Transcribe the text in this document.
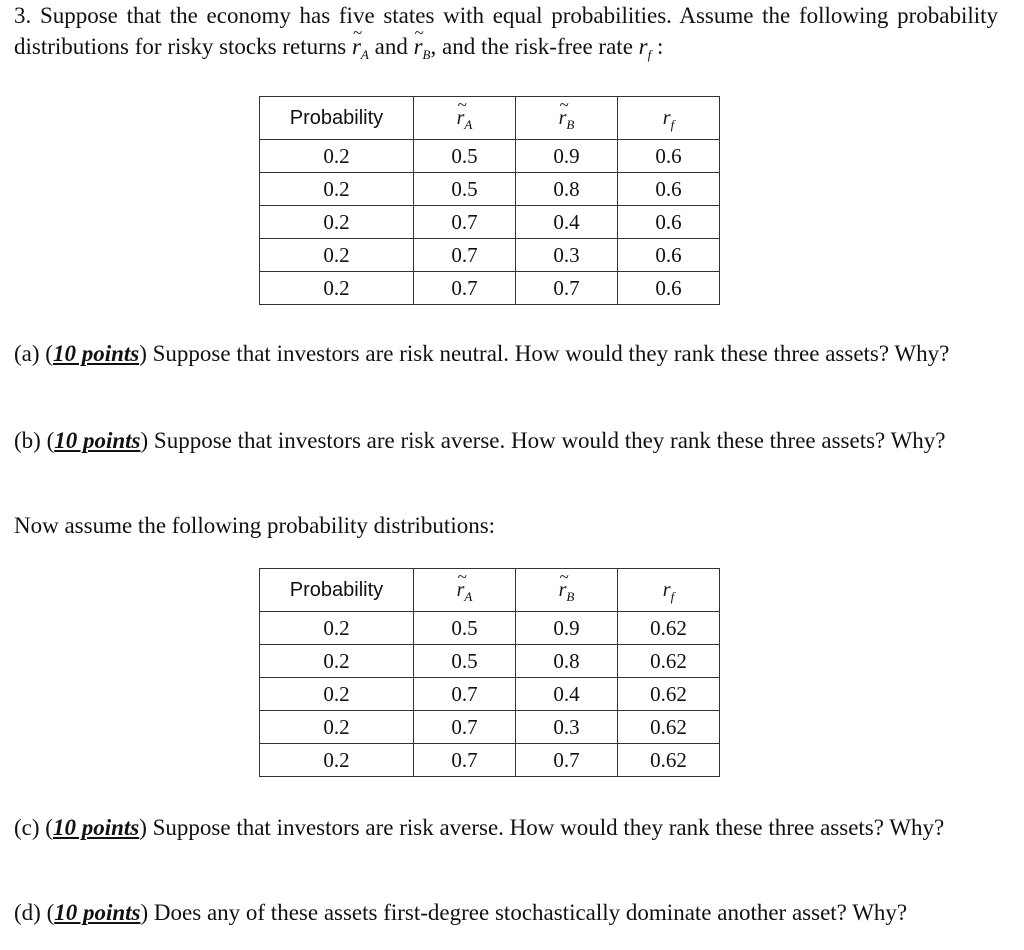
3. Suppose that the economy has five states with equal probabilities. Assume the following probability distributions for risky stocks returns ~ $r_A$ and ~ $r_B$, and the risk-free rate $r_f$ :
Probability	~ $r_A$	~ $r_B$	$r_f$
0.2	0.5	0.9	0.6
0.2	0.5	0.8	0.6
0.2	0.7	0.4	0.6
0.2	0.7	0.3	0.6
0.2	0.7	0.7	0.6
(a) (10 points) Suppose that investors are risk neutral. How would they rank these three assets? Why?
(b) (10 points) Suppose that investors are risk averse. How would they rank these three assets? Why?
Now assume the following probability distributions:
Probability	~ $r_A$	~ $r_B$	$r_f$
0.2	0.5	0.9	0.62
0.2	0.5	0.8	0.62
0.2	0.7	0.4	0.62
0.2	0.7	0.3	0.62
0.2	0.7	0.7	0.62
(c) (10 points) Suppose that investors are risk averse. How would they rank these three assets? Why?
(d) (10 points) Does any of these assets first-degree stochastically dominate another asset? Why?
